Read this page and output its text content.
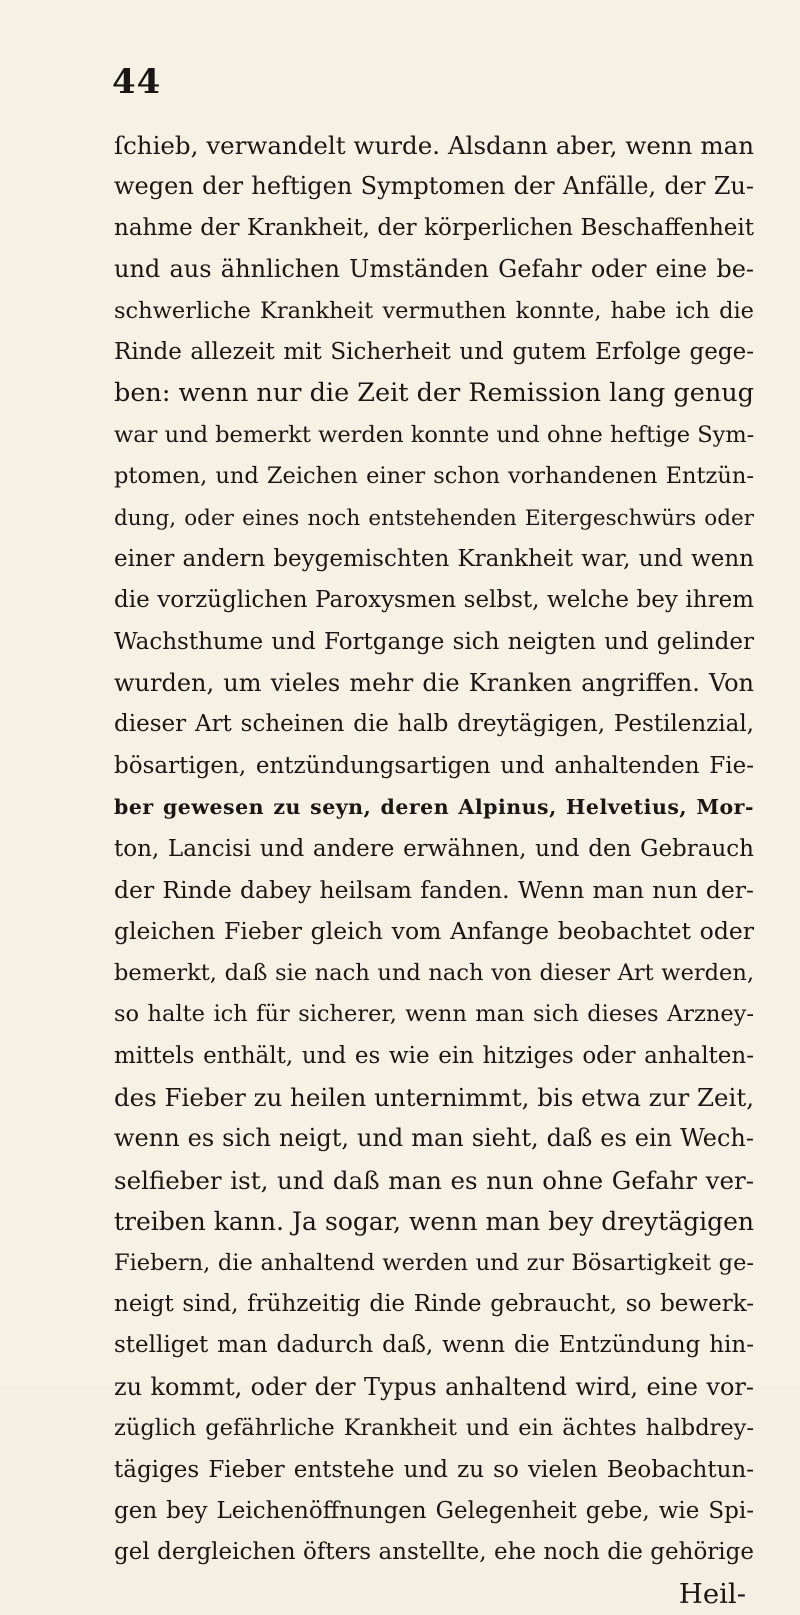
44
ſchieb, verwandelt wurde. Alsdann aber, wenn man
wegen der heftigen Symptomen der Anfälle, der Zu-
nahme der Krankheit, der körperlichen Beschaffenheit
und aus ähnlichen Umständen Gefahr oder eine be-
schwerliche Krankheit vermuthen konnte, habe ich die
Rinde allezeit mit Sicherheit und gutem Erfolge gege-
ben: wenn nur die Zeit der Remission lang genug
war und bemerkt werden konnte und ohne heftige Sym-
ptomen, und Zeichen einer schon vorhandenen Entzün-
dung, oder eines noch entstehenden Eitergeschwürs oder
einer andern beygemischten Krankheit war, und wenn
die vorzüglichen Paroxysmen selbst, welche bey ihrem
Wachsthume und Fortgange sich neigten und gelinder
wurden, um vieles mehr die Kranken angriffen. Von
dieser Art scheinen die halb dreytägigen, Pestilenzial,
bösartigen, entzündungsartigen und anhaltenden Fie-
ber gewesen zu seyn, deren Alpinus, Helvetius, Mor-
ton, Lancisi und andere erwähnen, und den Gebrauch
der Rinde dabey heilsam fanden. Wenn man nun der-
gleichen Fieber gleich vom Anfange beobachtet oder
bemerkt, daß sie nach und nach von dieser Art werden,
so halte ich für sicherer, wenn man sich dieses Arzney-
mittels enthält, und es wie ein hitziges oder anhalten-
des Fieber zu heilen unternimmt, bis etwa zur Zeit,
wenn es sich neigt, und man sieht, daß es ein Wech-
selfieber ist, und daß man es nun ohne Gefahr ver-
treiben kann. Ja sogar, wenn man bey dreytägigen
Fiebern, die anhaltend werden und zur Bösartigkeit ge-
neigt sind, frühzeitig die Rinde gebraucht, so bewerk-
stelliget man dadurch daß, wenn die Entzündung hin-
zu kommt, oder der Typus anhaltend wird, eine vor-
züglich gefährliche Krankheit und ein ächtes halbdrey-
tägiges Fieber entstehe und zu so vielen Beobachtun-
gen bey Leichenöffnungen Gelegenheit gebe, wie Spi-
gel dergleichen öfters anstellte, ehe noch die gehörige
Heil-
